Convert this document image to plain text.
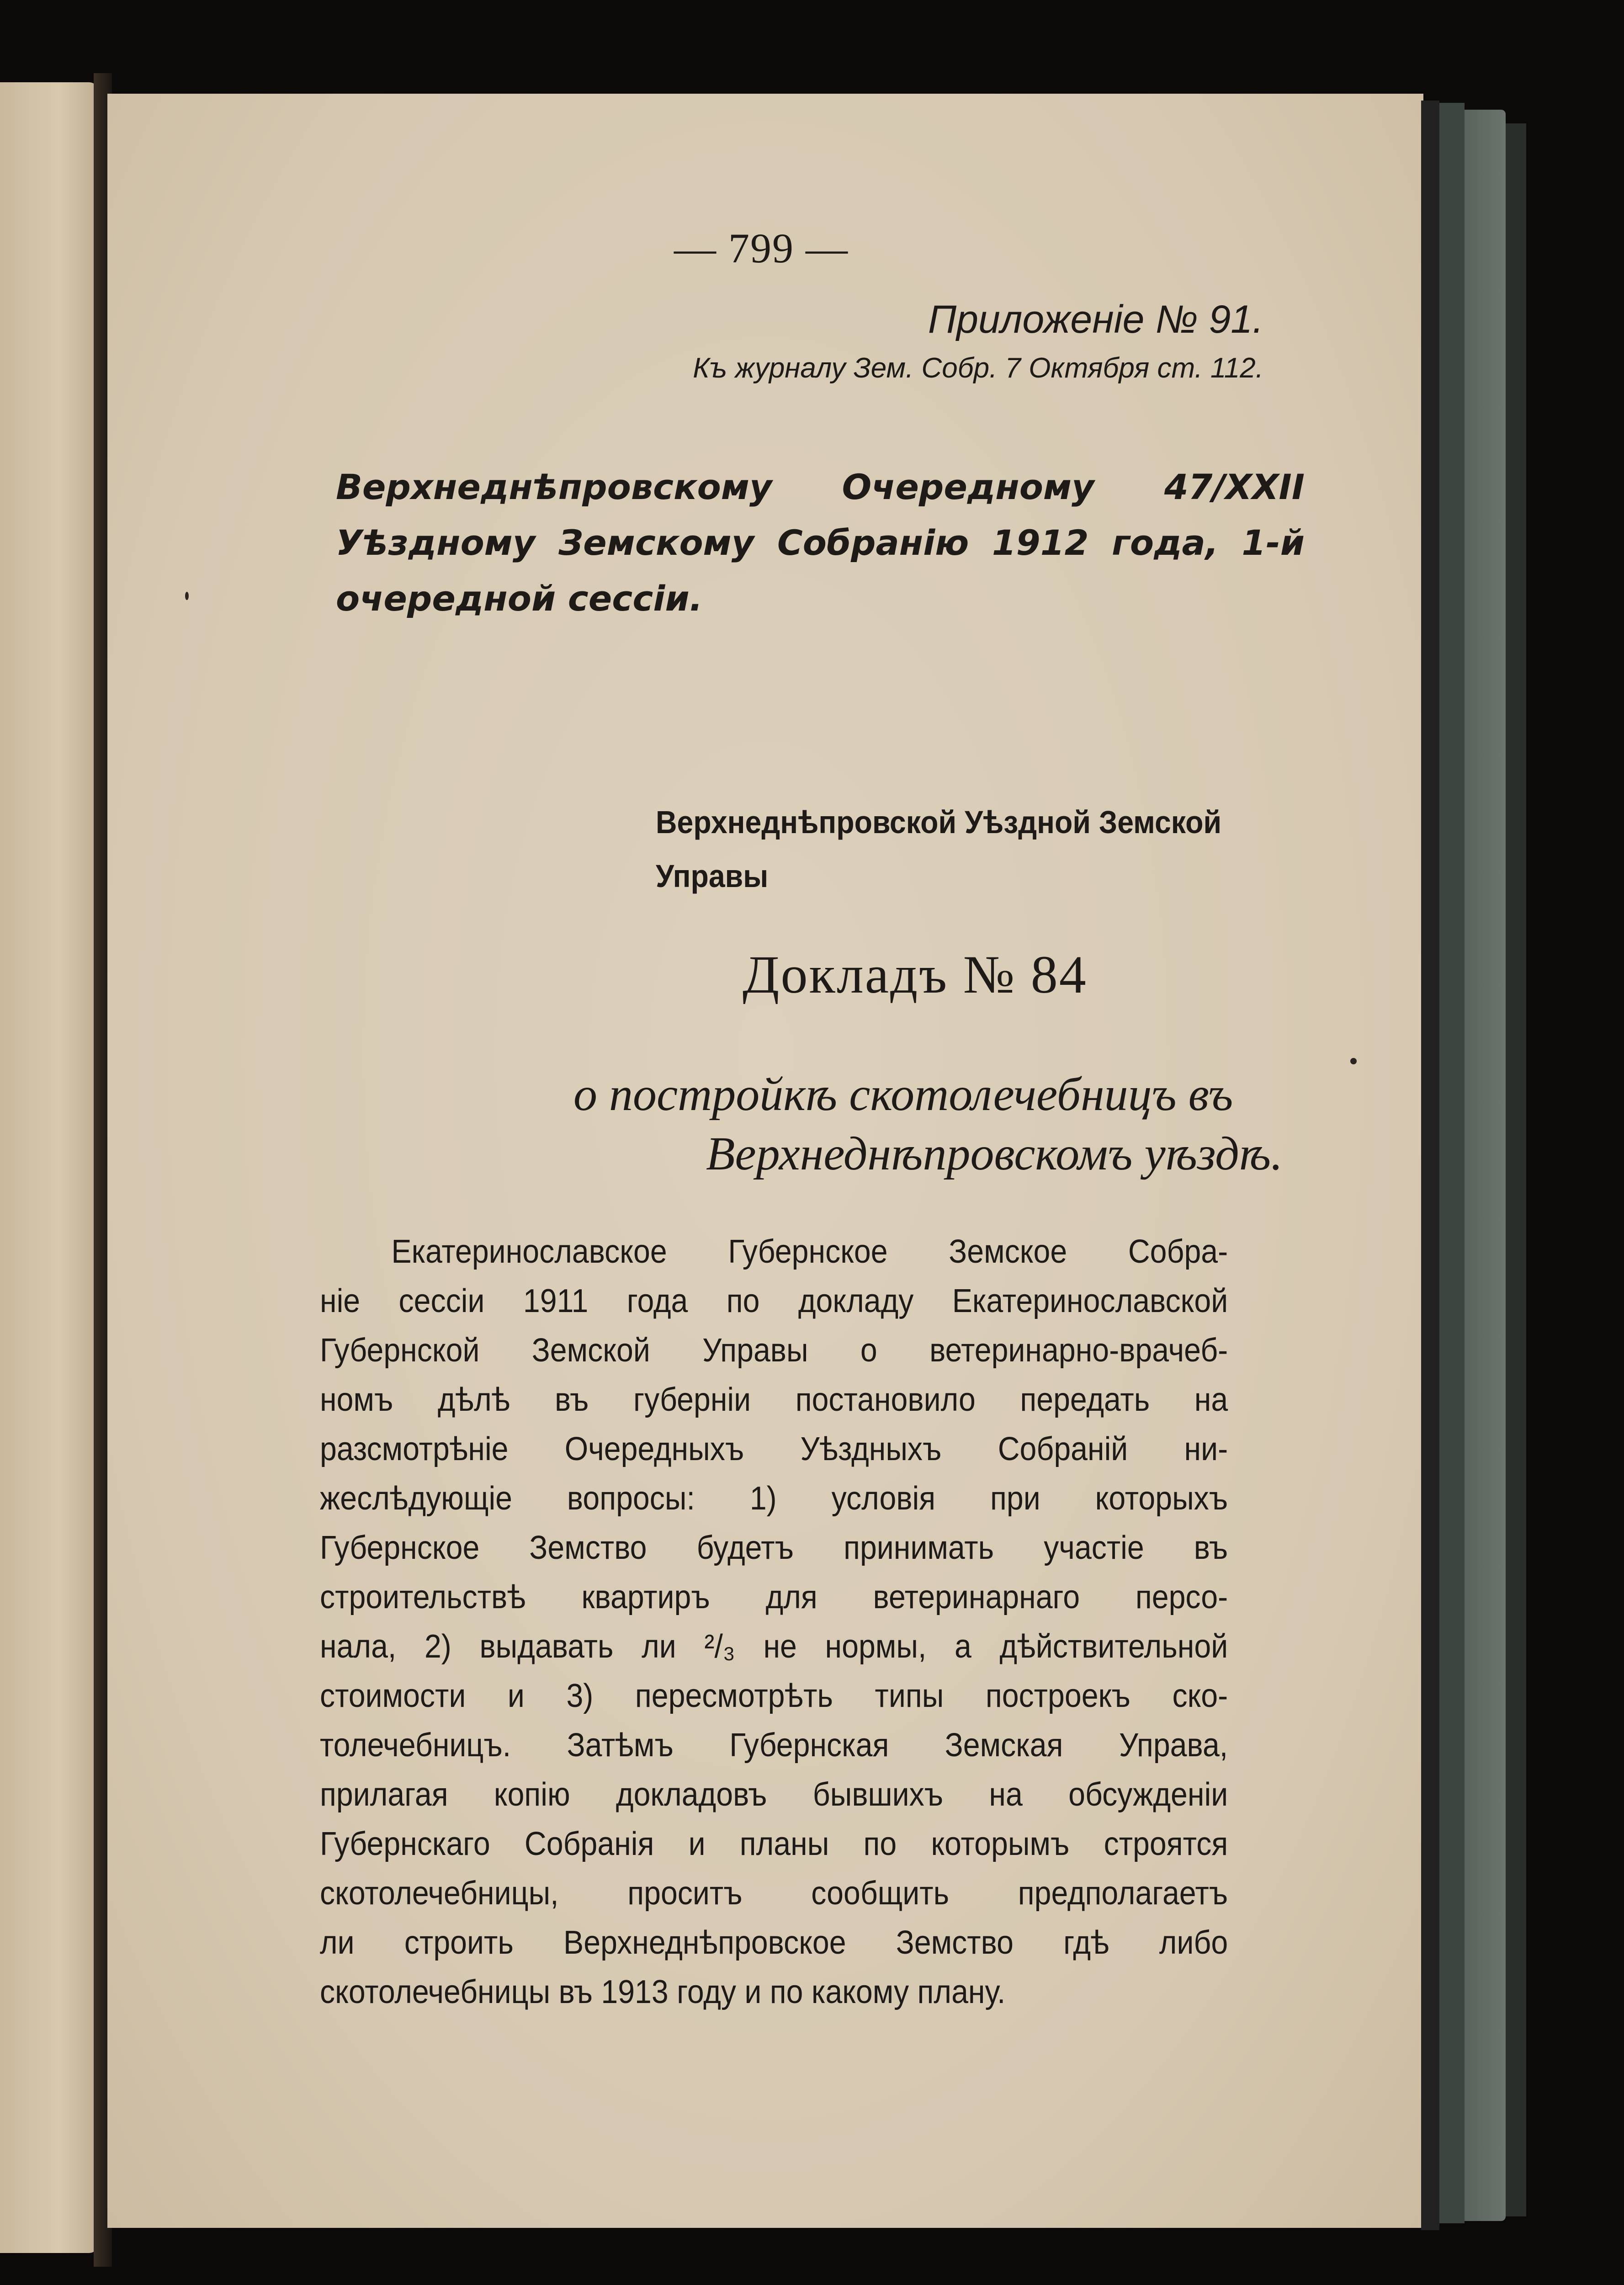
— 799 —

Приложеніе № 91.

Къ журналу Зем. Собр. 7 Октября ст. 112.

Верхнеднѣпровскому Очередному 47/XXII Уѣздному Земскому Собранію 1912 года, 1-й очередной сессіи.

Верхнеднѣпровской Уѣздной Земской Управы

Докладъ № 84

о постройкѣ скотолечебницъ въ
Верхнеднѣпровскомъ уѣздѣ.
Екатеринославское Губернское Земское Собра-
ніе сессіи 1911 года по докладу Екатеринославской
Губернской Земской Управы о ветеринарно-врачеб-
номъ дѣлѣ въ губерніи постановило передать на
разсмотрѣніе Очередныхъ Уѣздныхъ Собраній ни-
жеслѣдующіе вопросы: 1) условія при которыхъ
Губернское Земство будетъ принимать участіе въ
строительствѣ квартиръ для ветеринарнаго персо-
нала, 2) выдавать ли ²/₃ не нормы, а дѣйствительной
стоимости и 3) пересмотрѣть типы построекъ ско-
толечебницъ. Затѣмъ Губернская Земская Управа,
прилагая копію докладовъ бывшихъ на обсужденіи
Губернскаго Собранія и планы по которымъ строятся
скотолечебницы, проситъ сообщить предполагаетъ
ли строить Верхнеднѣпровское Земство гдѣ либо
скотолечебницы въ 1913 году и по какому плану.
